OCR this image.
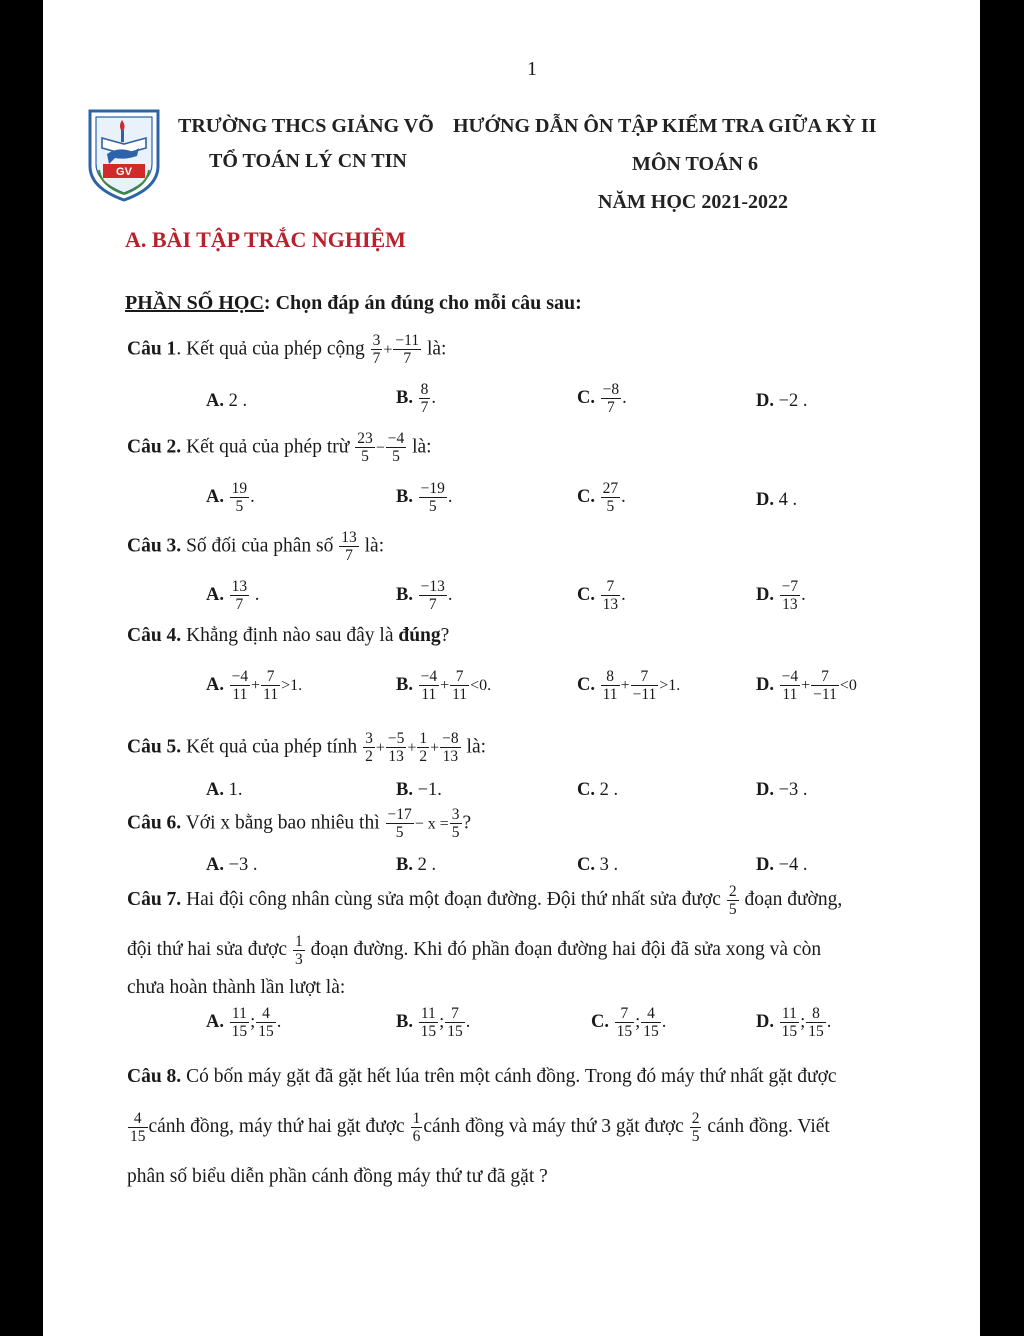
1
GV
TRƯỜNG THCS GIẢNG VÕ HƯỚNG DẪN ÔN TẬP KIỂM TRA GIỮA KỲ II
TỔ TOÁN LÝ CN TIN	MÔN TOÁN 6
NĂM HỌC 2021-2022
A. BÀI TẬP TRẮC NGHIỆM
PHẦN SỐ HỌC: Chọn đáp án đúng cho mỗi câu sau:
Câu 1. Kết quả của phép cộng $\frac{3}{7} + \frac{-11}{7}$ là:
A. 2 .	B. $\frac{8}{7}$ .	C. $\frac{-8}{7}$ .	D. −2 .
Câu 2. Kết quả của phép trừ $\frac{23}{5} - \frac{-4}{5}$ là:
A. $\frac{19}{5}$ .	B. $\frac{-19}{5}$ .	C. $\frac{27}{5}$ .	D. 4 .
Câu 3. Số đối của phân số $\frac{13}{7}$ là:
A. $\frac{13}{7}$ .	B. $\frac{-13}{7}$ .	C. $\frac{7}{13}$ .	D. $\frac{-7}{13}$ .
Câu 4. Khẳng định nào sau đây là đúng?
A. $\frac{-4}{11} + \frac{7}{11} >1$.	B. $\frac{-4}{11} + \frac{7}{11} <0$.	C. $\frac{8}{11} + \frac{7}{-11} >1$.	D. $\frac{-4}{11} + \frac{7}{-11} <0$
Câu 5. Kết quả của phép tính $\frac{3}{2} + \frac{-5}{13} + \frac{1}{2} + \frac{-8}{13}$ là:
A. 1.	B. −1.	C. 2 .	D. −3 .
Câu 6. Với x bằng bao nhiêu thì $\frac{-17}{5} - x = \frac{3}{5}$ ?
A. −3 .	B. 2 .	C. 3 .	D. −4 .
Câu 7. Hai đội công nhân cùng sửa một đoạn đường. Đội thứ nhất sửa được $\frac{2}{5}$ đoạn đường,
đội thứ hai sửa được $\frac{1}{3}$ đoạn đường. Khi đó phần đoạn đường hai đội đã sửa xong và còn
chưa hoàn thành lần lượt là:
A. $\frac{11}{15}$ ; $\frac{4}{15}$ .	B. $\frac{11}{15}$ ; $\frac{7}{15}$ .	C. $\frac{7}{15}$ ; $\frac{4}{15}$ .	D. $\frac{11}{15}$ ; $\frac{8}{15}$ .
Câu 8. Có bốn máy gặt đã gặt hết lúa trên một cánh đồng. Trong đó máy thứ nhất gặt được

$\frac{4}{15}$ cánh đồng, máy thứ hai gặt được $\frac{1}{6}$ cánh đồng và máy thứ 3 gặt được $\frac{2}{5}$ cánh đồng. Viết
phân số biểu diễn phần cánh đồng máy thứ tư đã gặt ?
